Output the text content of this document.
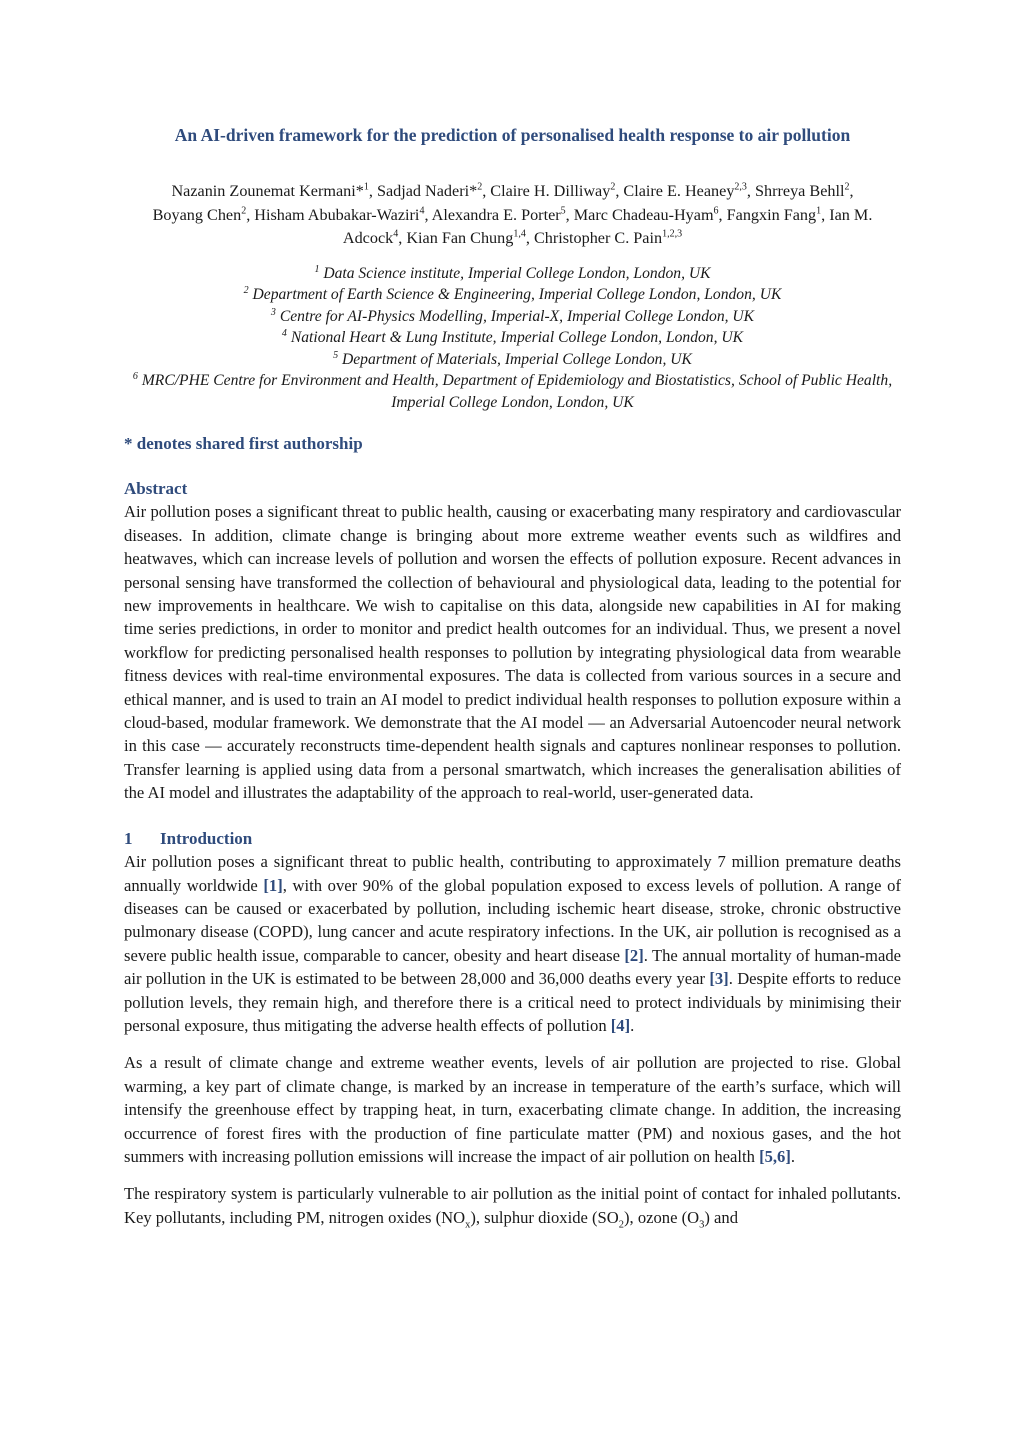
An AI-driven framework for the prediction of personalised health response to air pollution
Nazanin Zounemat Kermani*$^1$, Sadjad Naderi*$^2$, Claire H. Dilliway$^2$, Claire E. Heaney$^{2,3}$, Shrreya Behll$^2$,
Boyang Chen$^2$, Hisham Abubakar-Waziri$^4$, Alexandra E. Porter$^5$, Marc Chadeau-Hyam$^6$, Fangxin Fang$^1$, Ian M. Adcock$^4$, Kian Fan Chung$^{1,4}$, Christopher C. Pain$^{1,2,3}$
$^1$ Data Science institute, Imperial College London, London, UK
$^2$ Department of Earth Science & Engineering, Imperial College London, London, UK
$^3$ Centre for AI-Physics Modelling, Imperial-X, Imperial College London, UK
$^4$ National Heart & Lung Institute, Imperial College London, London, UK
$^5$ Department of Materials, Imperial College London, UK
$^6$ MRC/PHE Centre for Environment and Health, Department of Epidemiology and Biostatistics, School of Public Health, Imperial College London, London, UK
* denotes shared first authorship
Abstract

Air pollution poses a significant threat to public health, causing or exacerbating many respiratory and cardiovascular diseases. In addition, climate change is bringing about more extreme weather events such as wildfires and heatwaves, which can increase levels of pollution and worsen the effects of pollution exposure. Recent advances in personal sensing have transformed the collection of behavioural and physiological data, leading to the potential for new improvements in healthcare. We wish to capitalise on this data, alongside new capabilities in AI for making time series predictions, in order to monitor and predict health outcomes for an individual. Thus, we present a novel workflow for predicting personalised health responses to pollution by integrating physiological data from wearable fitness devices with real-time environmental exposures. The data is collected from various sources in a secure and ethical manner, and is used to train an AI model to predict individual health responses to pollution exposure within a cloud-based, modular framework. We demonstrate that the AI model — an Adversarial Autoencoder neural network in this case — accurately reconstructs time-dependent health signals and captures nonlinear responses to pollution. Transfer learning is applied using data from a personal smartwatch, which increases the generalisation abilities of the AI model and illustrates the adaptability of the approach to real-world, user-generated data.

1 Introduction

Air pollution poses a significant threat to public health, contributing to approximately 7 million premature deaths annually worldwide [1], with over 90% of the global population exposed to excess levels of pollution. A range of diseases can be caused or exacerbated by pollution, including ischemic heart disease, stroke, chronic obstructive pulmonary disease (COPD), lung cancer and acute respiratory infections. In the UK, air pollution is recognised as a severe public health issue, comparable to cancer, obesity and heart disease [2]. The annual mortality of human-made air pollution in the UK is estimated to be between 28,000 and 36,000 deaths every year [3]. Despite efforts to reduce pollution levels, they remain high, and therefore there is a critical need to protect individuals by minimising their personal exposure, thus mitigating the adverse health effects of pollution [4].

As a result of climate change and extreme weather events, levels of air pollution are projected to rise. Global warming, a key part of climate change, is marked by an increase in temperature of the earth’s surface, which will intensify the greenhouse effect by trapping heat, in turn, exacerbating climate change. In addition, the increasing occurrence of forest fires with the production of fine particulate matter (PM) and noxious gases, and the hot summers with increasing pollution emissions will increase the impact of air pollution on health [5,6].

The respiratory system is particularly vulnerable to air pollution as the initial point of contact for inhaled pollutants. Key pollutants, including PM, nitrogen oxides $(NO_x)$, sulphur dioxide $(SO_2)$, ozone $(O_3)$ and
